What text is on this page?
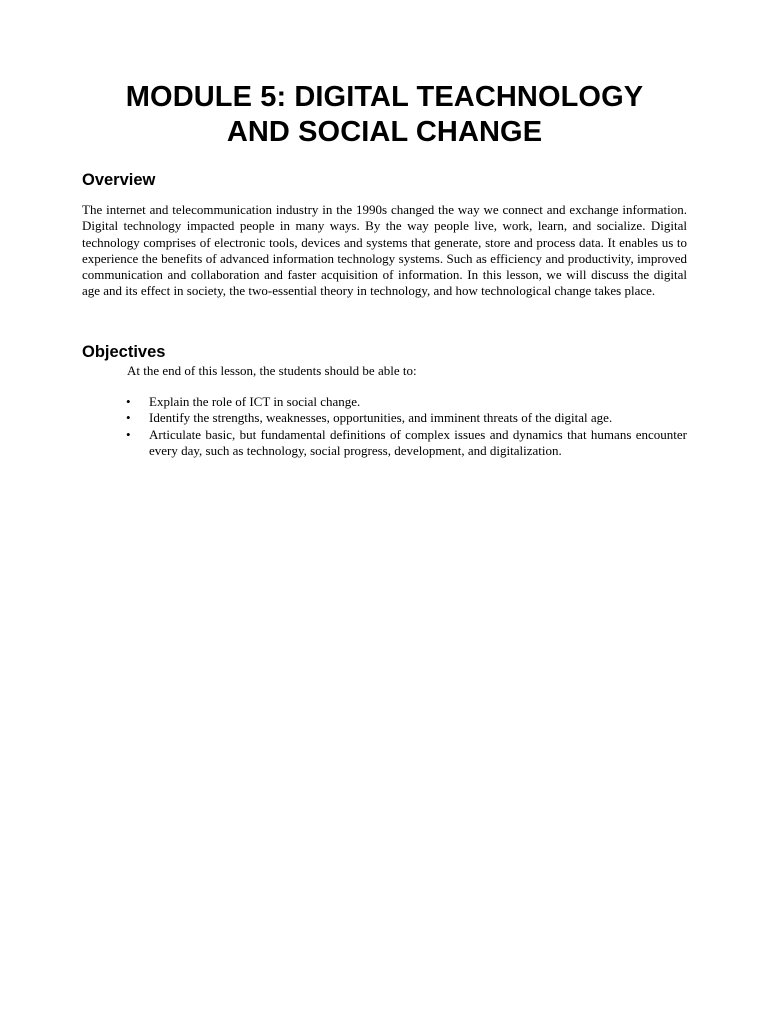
MODULE 5: DIGITAL TEACHNOLOGY
AND SOCIAL CHANGE
Overview

The internet and telecommunication industry in the 1990s changed the way we connect and exchange information. Digital technology impacted people in many ways. By the way people live, work, learn, and socialize. Digital technology comprises of electronic tools, devices and systems that generate, store and process data. It enables us to experience the benefits of advanced information technology systems. Such as efficiency and productivity, improved communication and collaboration and faster acquisition of information. In this lesson, we will discuss the digital age and its effect in society, the two-essential theory in technology, and how technological change takes place.

Objectives

At the end of this lesson, the students should be able to:

• Explain the role of ICT in social change.
• Identify the strengths, weaknesses, opportunities, and imminent threats of the digital age.
• Articulate basic, but fundamental definitions of complex issues and dynamics that humans encounter every day, such as technology, social progress, development, and digitalization.
